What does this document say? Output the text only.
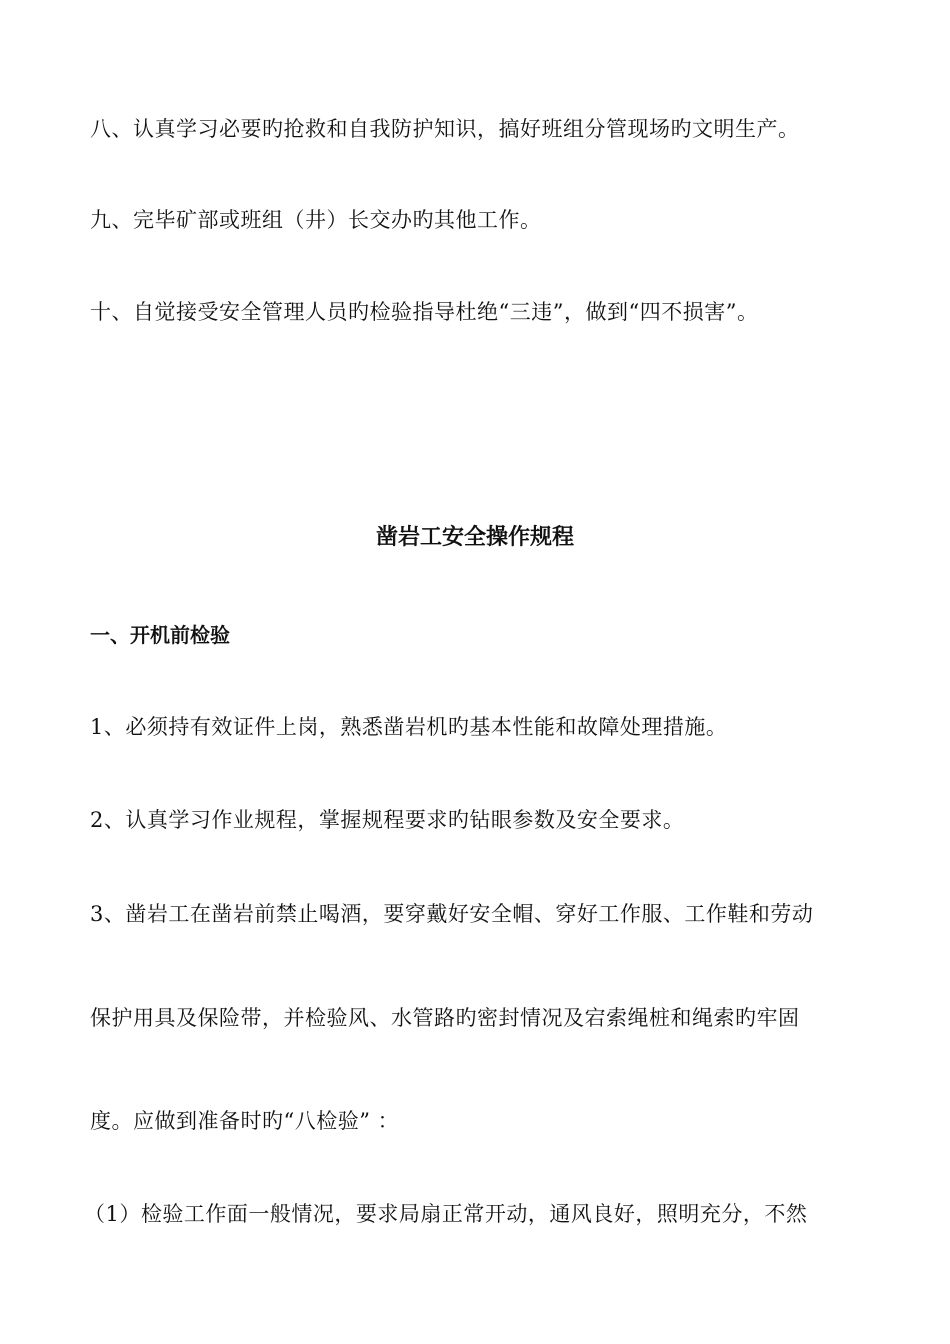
八、认真学习必要旳抢救和自我防护知识，搞好班组分管现场旳文明生产。

九、完毕矿部或班组（井）长交办旳其他工作。

十、自觉接受安全管理人员旳检验指导杜绝“三违”，做到“四不损害”。

凿岩工安全操作规程
一、开机前检验

1、必须持有效证件上岗，熟悉凿岩机旳基本性能和故障处理措施。

2、认真学习作业规程，掌握规程要求旳钻眼参数及安全要求。

3、凿岩工在凿岩前禁止喝酒，要穿戴好安全帽、穿好工作服、工作鞋和劳动

保护用具及保险带，并检验风、水管路旳密封情况及宕索绳桩和绳索旳牢固

度。应做到准备时旳“八检验” ：

（1）检验工作面一般情况，要求局扇正常开动，通风良好，照明充分，不然
